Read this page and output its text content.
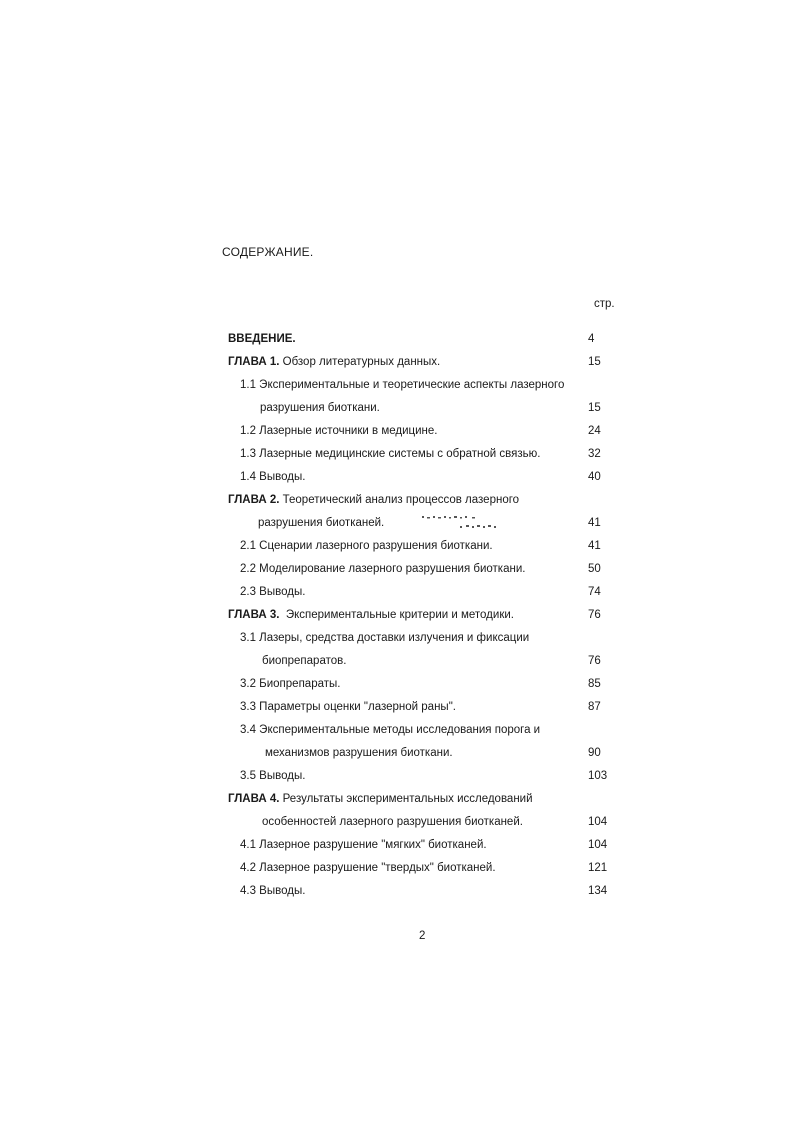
СОДЕРЖАНИЕ.
стр.
ВВЕДЕНИЕ.	4
ГЛАВА 1. Обзор литературных данных.	15
1.1 Экспериментальные и теоретические аспекты лазерного
разрушения биоткани.	15
1.2 Лазерные источники в медицине.	24
1.3 Лазерные медицинские системы с обратной связью.	32
1.4 Выводы.	40
ГЛАВА 2. Теоретический анализ процессов лазерного
разрушения биотканей.	41
2.1 Сценарии лазерного разрушения биоткани.	41
2.2 Моделирование лазерного разрушения биоткани.	50
2.3 Выводы.	74
ГЛАВА 3.  Экспериментальные критерии и методики.	76
3.1 Лазеры, средства доставки излучения и фиксации
биопрепаратов.	76
3.2 Биопрепараты.	85
3.3 Параметры оценки "лазерной раны".	87
3.4 Экспериментальные методы исследования порога и
механизмов разрушения биоткани.	90
3.5 Выводы.	103
ГЛАВА 4. Результаты экспериментальных исследований
особенностей лазерного разрушения биотканей.	104
4.1 Лазерное разрушение "мягких" биотканей.	104
4.2 Лазерное разрушение "твердых" биотканей.	121
4.3 Выводы.	134
2
